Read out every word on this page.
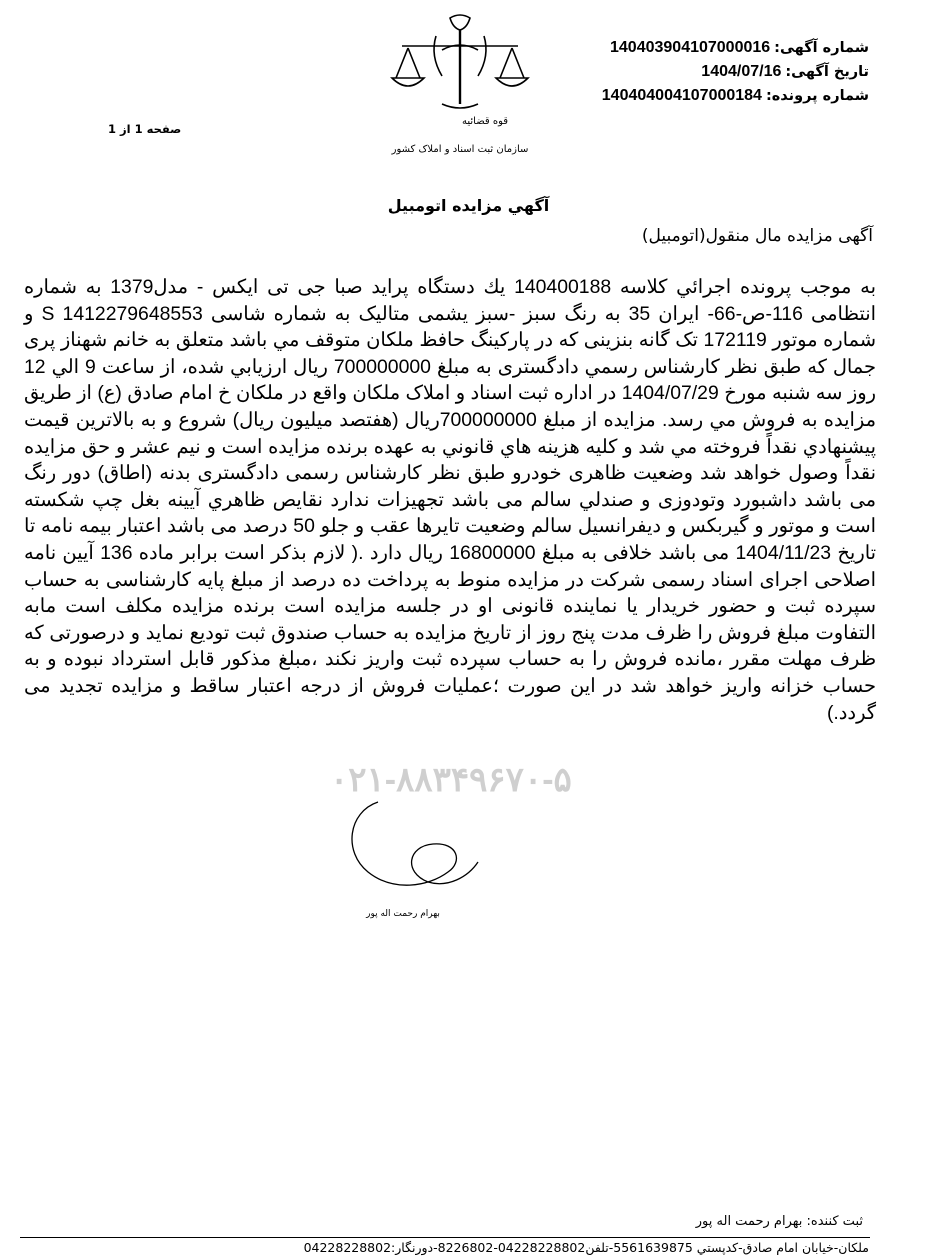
شماره آگهی:140403904107000016
تاریخ آگهی:1404/07/16
شماره پرونده:140404004107000184
قوه قضائیه
سازمان ثبت اسناد و املاک کشور
صفحه 1 از 1
آگهي مزايده اتومبيل
آگهی مزایده مال منقول(اتومبیل)
به موجب پرونده اجرائي كلاسه 140400188 يك دستگاه پرايد صبا جی تی ايكس - مدل1379 به شماره انتظامی 116-ص-66- ايران 35 به رنگ سبز -سبز يشمی متاليک به شماره شاسی S 1412279648553 و شماره موتور 172119 تک گانه بنزينی كه در پاركينگ حافظ ملكان متوقف مي باشد متعلق به خانم شهناز پری جمال كه طبق نظر كارشناس رسمي دادگستری به مبلغ 700000000 ريال ارزيابي شده، از ساعت 9 الي 12 روز سه شنبه مورخ 1404/07/29 در اداره ثبت اسناد و املاک ملكان واقع در ملكان خ امام صادق (ع) از طريق مزايده به فروش مي رسد. مزايده از مبلغ 700000000ريال (هفتصد ميليون ريال) شروع و به بالاترين قيمت پيشنهادي نقداً فروخته مي شد و كليه هزينه هاي قانوني به عهده برنده مزايده است و نيم عشر و حق مزايده نقداً وصول خواهد شد وضعيت ظاهری خودرو طبق نظر كارشناس رسمی دادگستری بدنه (اطاق) دور رنگ می باشد داشبورد وتودوزی و صندلي سالم می باشد تجهيزات ندارد نقايص ظاهري آيينه بغل چپ شكسته است و موتور و گيربكس و ديفرانسيل سالم وضعيت تايرها عقب و جلو 50 درصد می باشد اعتبار بيمه نامه تا تاريخ 1404/11/23 می باشد خلافی به مبلغ 16800000 ريال دارد .( لازم بذكر است برابر ماده 136 آيين نامه اصلاحی اجرای اسناد رسمی شركت در مزايده منوط به پرداخت ده درصد از مبلغ پايه كارشناسی به حساب سپرده ثبت و حضور خريدار يا نماينده قانونی او در جلسه مزايده است برنده مزايده مكلف است مابه التفاوت مبلغ فروش را ظرف مدت پنج روز از تاريخ مزايده به حساب صندوق ثبت توديع نمايد و درصورتی كه ظرف مهلت مقرر ،مانده فروش را به حساب سپرده ثبت واريز نكند ،مبلغ مذكور قابل استرداد نبوده و به حساب خزانه واريز خواهد شد در اين صورت ؛عمليات فروش از درجه اعتبار ساقط و مزايده تجديد می گردد.)
۰۲۱-۸۸۳۴۹۶۷۰-۵
بهرام رحمت اله پور
ثبت كننده: بهرام رحمت اله پور
ملكان-خيابان امام صادق-كدپستي 5561639875-تلفن04228228802-8226802-دورنگار:04228228802
